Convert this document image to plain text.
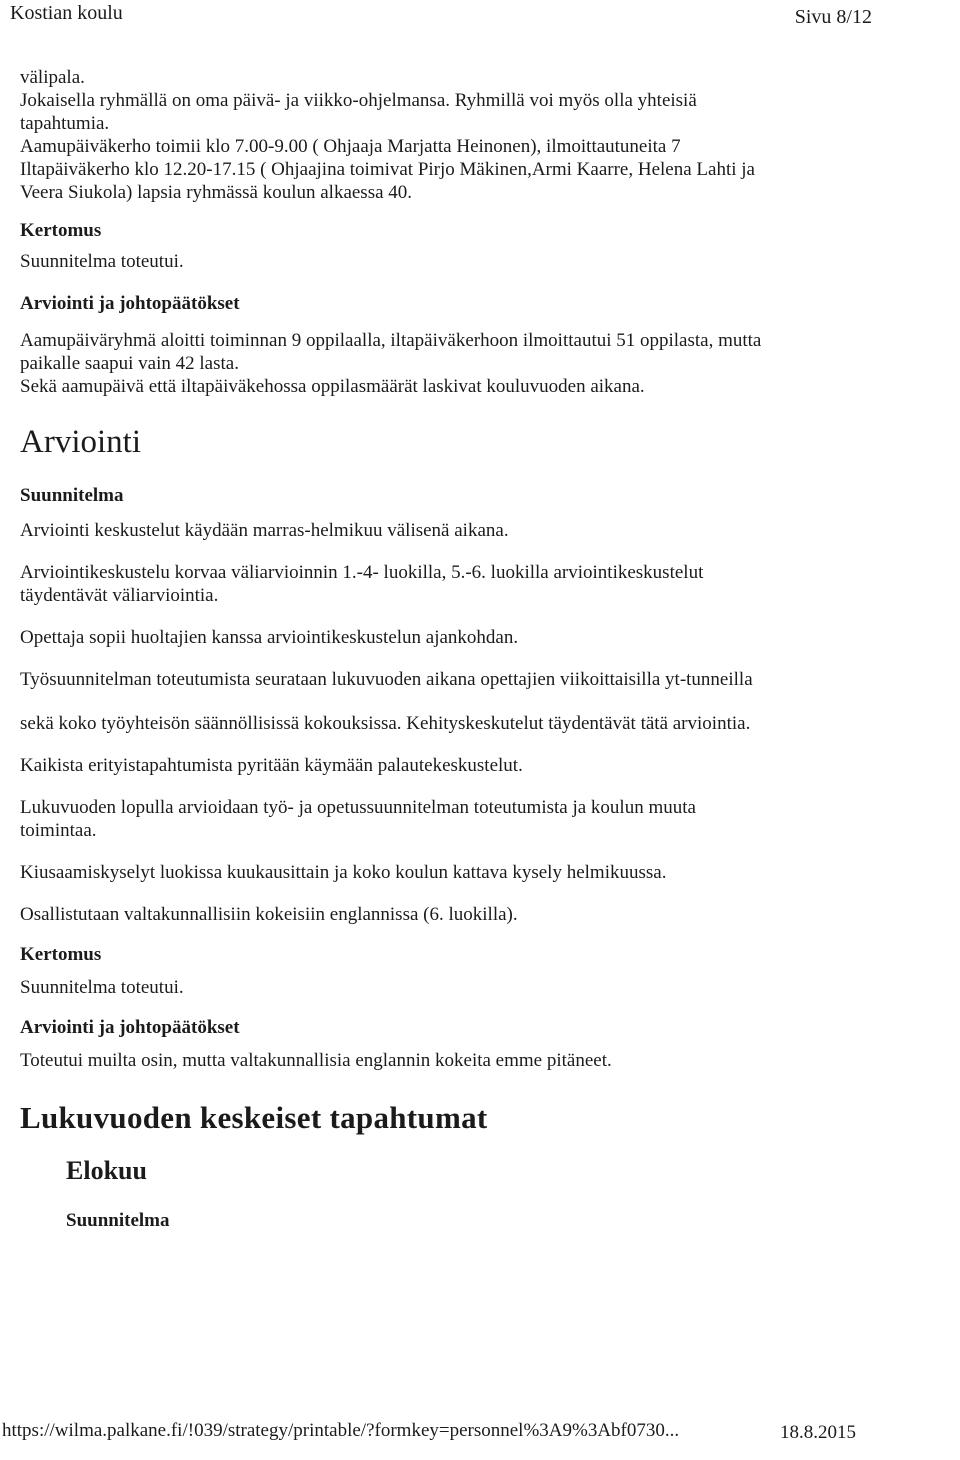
Kostian koulu	Sivu 8/12

välipala.

Jokaisella ryhmällä on oma päivä- ja viikko-ohjelmansa. Ryhmillä voi myös olla yhteisiä

tapahtumia.

Aamupäiväkerho toimii klo 7.00-9.00 ( Ohjaaja Marjatta Heinonen), ilmoittautuneita 7

Iltapäiväkerho klo 12.20-17.15 ( Ohjaajina toimivat Pirjo Mäkinen,Armi Kaarre, Helena Lahti ja

Veera Siukola) lapsia ryhmässä koulun alkaessa 40.

Kertomus

Suunnitelma toteutui.

Arviointi ja johtopäätökset

Aamupäiväryhmä aloitti toiminnan 9 oppilaalla, iltapäiväkerhoon ilmoittautui 51 oppilasta, mutta

paikalle saapui vain 42 lasta.

Sekä aamupäivä että iltapäiväkehossa oppilasmäärät laskivat kouluvuoden aikana.

Arviointi

Suunnitelma

Arviointi keskustelut käydään marras-helmikuu välisenä aikana.

Arviointikeskustelu korvaa väliarvioinnin 1.-4- luokilla, 5.-6. luokilla arviointikeskustelut

täydentävät väliarviointia.

Opettaja sopii huoltajien kanssa arviointikeskustelun ajankohdan.

Työsuunnitelman toteutumista seurataan lukuvuoden aikana opettajien viikoittaisilla yt-tunneilla

sekä koko työyhteisön säännöllisissä kokouksissa. Kehityskeskutelut täydentävät tätä arviointia.

Kaikista erityistapahtumista pyritään käymään palautekeskustelut.

Lukuvuoden lopulla arvioidaan työ- ja opetussuunnitelman toteutumista ja koulun muuta

toimintaa.

Kiusaamiskyselyt luokissa kuukausittain ja koko koulun kattava kysely helmikuussa.

Osallistutaan valtakunnallisiin kokeisiin englannissa (6. luokilla).

Kertomus

Suunnitelma toteutui.

Arviointi ja johtopäätökset

Toteutui muilta osin, mutta valtakunnallisia englannin kokeita emme pitäneet.

Lukuvuoden keskeiset tapahtumat
Elokuu

Suunnitelma

https://wilma.palkane.fi/!039/strategy/printable/?formkey=personnel%3A9%3Abf0730...	18.8.2015
